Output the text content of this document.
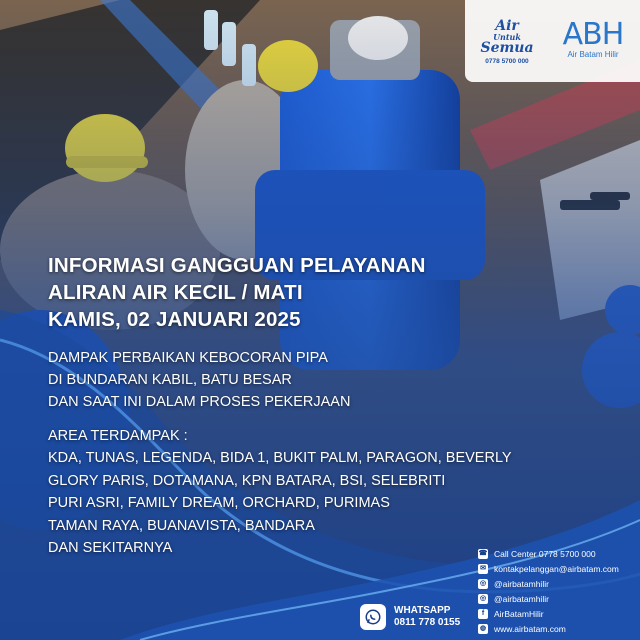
Air
Untuk
Semua
0778 5700 000
ABH
Air Batam Hilir
INFORMASI GANGGUAN PELAYANAN
ALIRAN AIR KECIL / MATI
KAMIS, 02 JANUARI 2025
DAMPAK PERBAIKAN KEBOCORAN PIPA
DI BUNDARAN KABIL, BATU BESAR
DAN SAAT INI DALAM PROSES PEKERJAAN
AREA TERDAMPAK :
KDA, TUNAS, LEGENDA, BIDA 1, BUKIT PALM, PARAGON, BEVERLY
GLORY PARIS, DOTAMANA, KPN BATARA, BSI, SELEBRITI
PURI ASRI, FAMILY DREAM, ORCHARD, PURIMAS
TAMAN RAYA, BUANAVISTA, BANDARA
DAN SEKITARNYA
WHATSAPP
0811 778 0155
☎ Call Center 0778 5700 000
✉ kontakpelanggan@airbatam.com
◎ @airbatamhilir
◎ @airbatamhilir
f	AirBatamHilir
◍ www.airbatam.com
